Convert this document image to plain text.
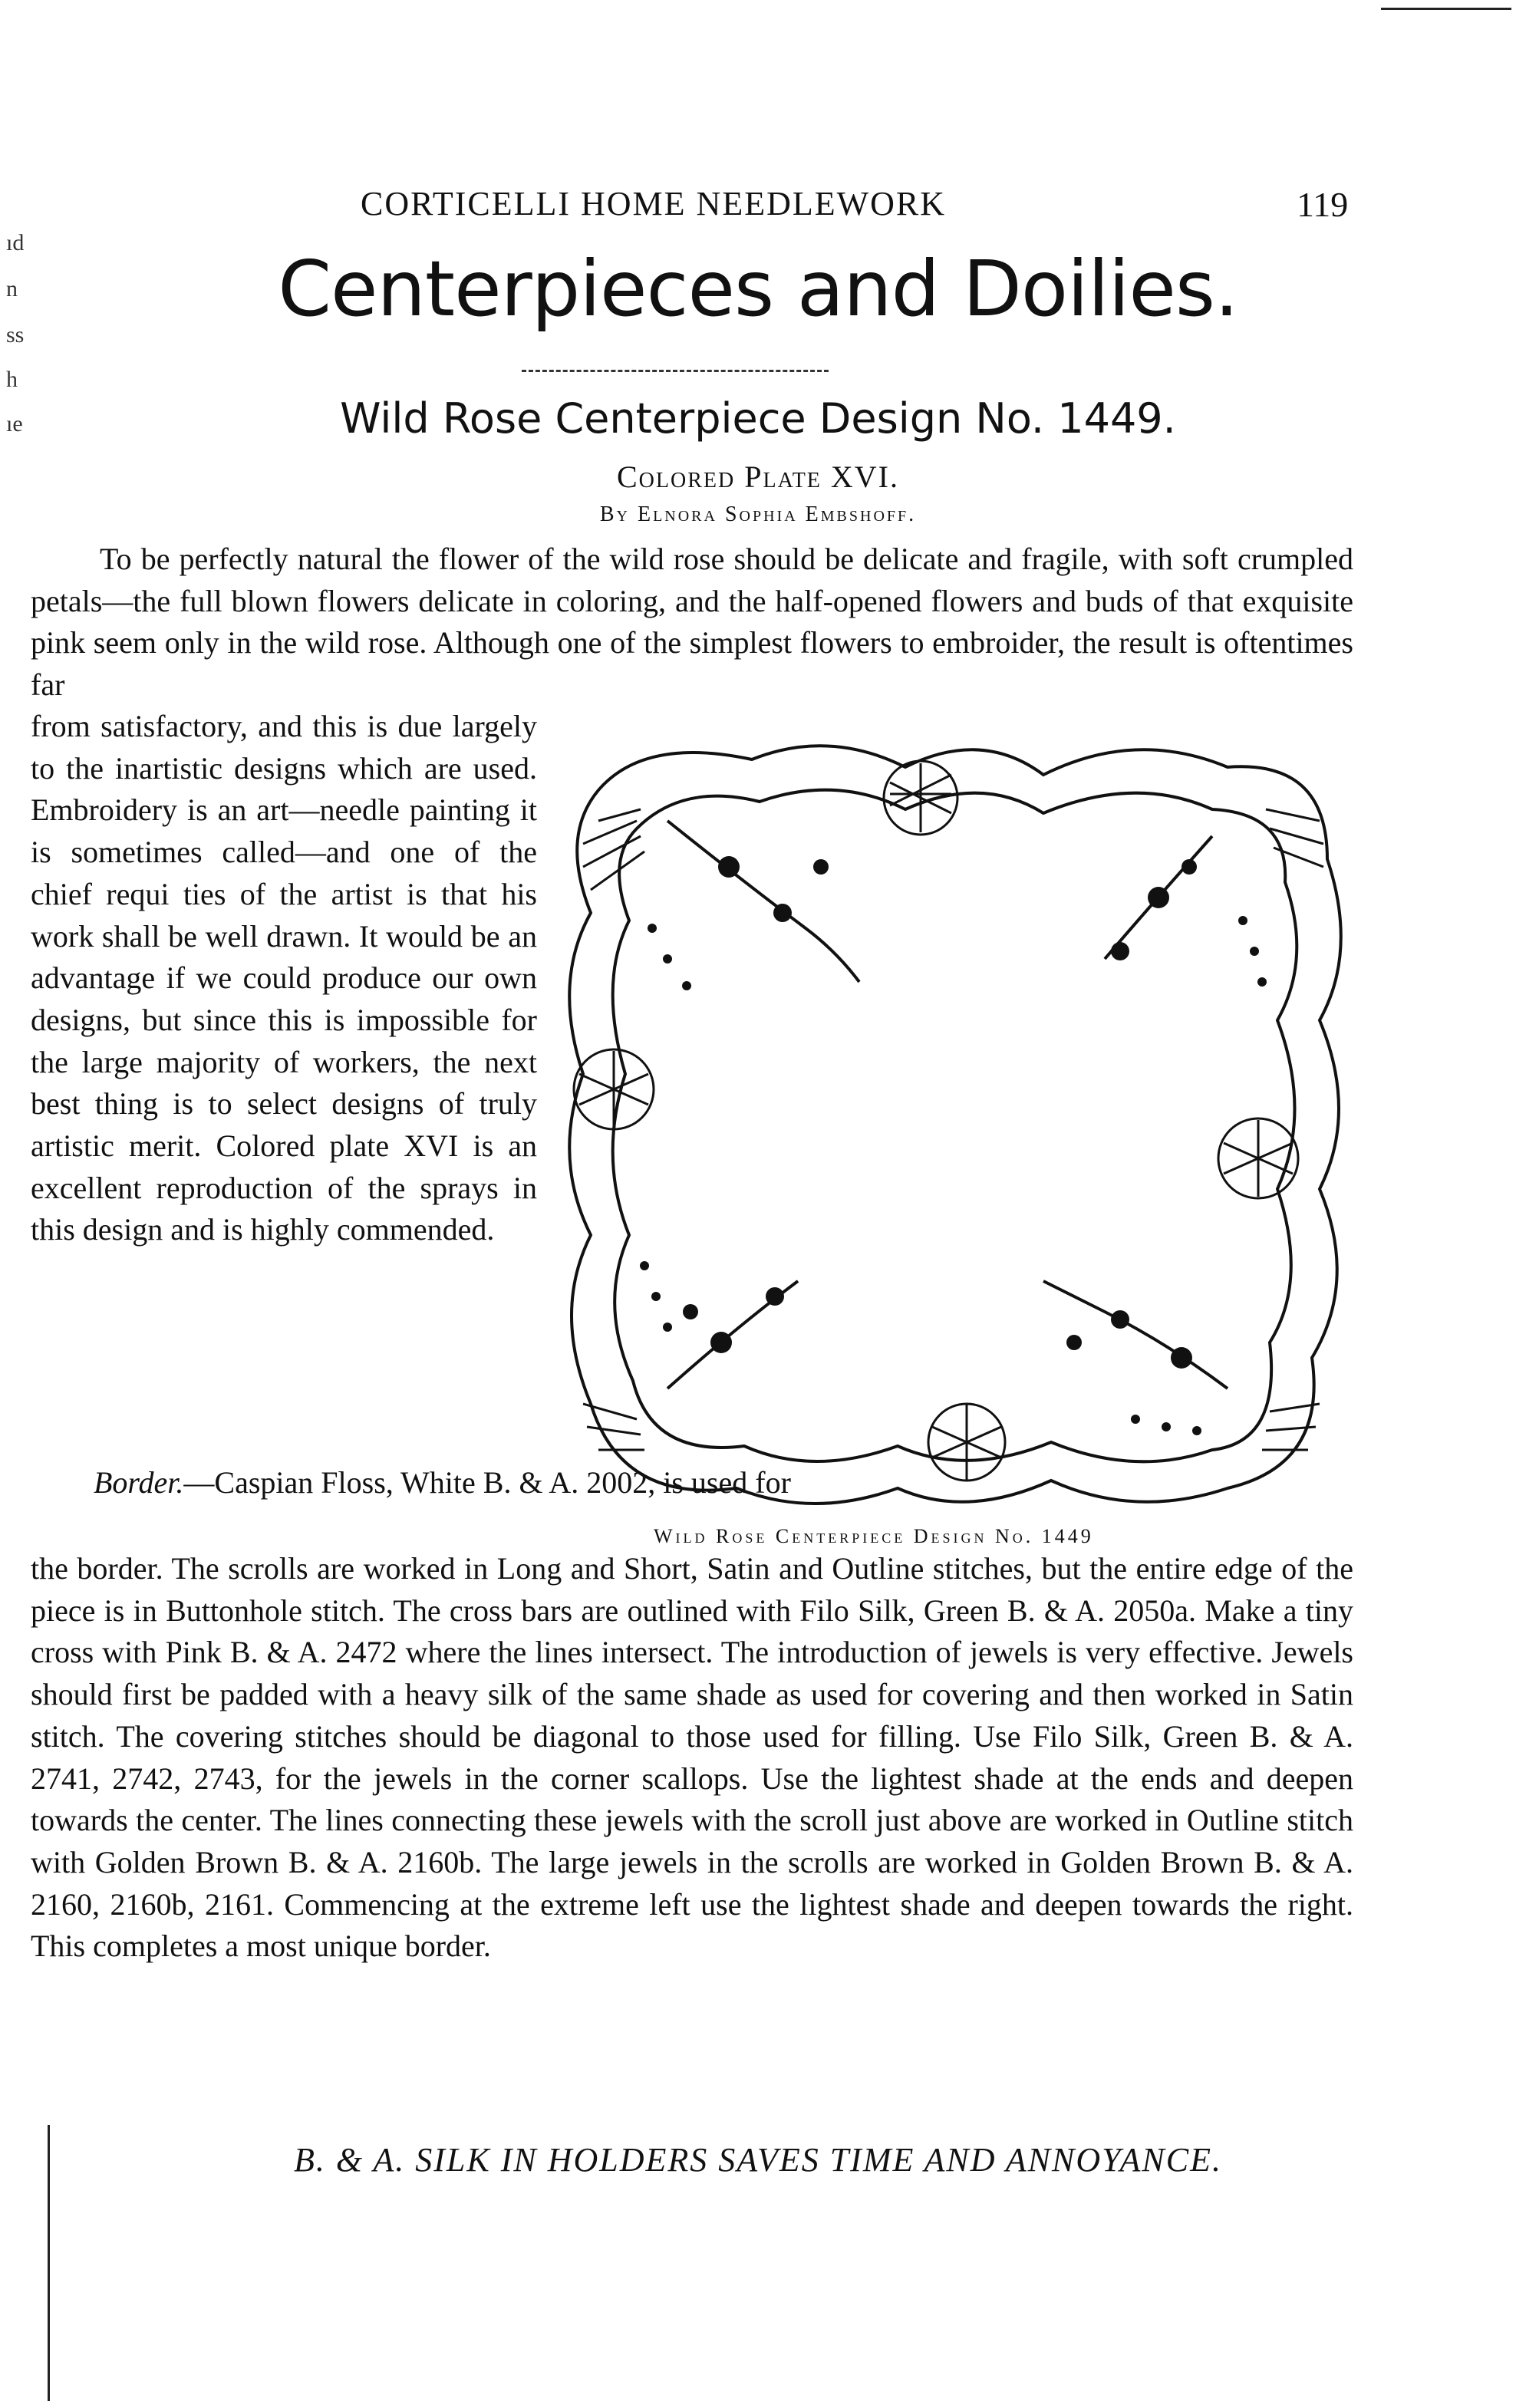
CORTICELLI HOME NEEDLEWORK	119
ıd
n
ss
h
ıe
Centerpieces and Doilies.
Wild Rose Centerpiece Design No. 1449.
Colored Plate XVI.
By Elnora Sophia Embshoff.
To be perfectly natural the flower of the wild rose should be delicate and fragile, with soft crumpled petals—the full blown flowers delicate in coloring, and the half-opened flowers and buds of that exquisite pink seem only in the wild rose. Although one of the simplest flowers to embroider, the result is oftentimes far
from satisfactory, and this is due largely to the inartistic designs which are used. Embroidery is an art—needle painting it is sometimes called—and one of the chief requi ties of the artist is that his work shall be well drawn. It would be an advantage if we could produce our own designs, but since this is impossible for the large majority of workers, the next best thing is to select designs of truly artistic merit. Colored plate XVI is an excellent reproduction of the sprays in this design and is highly commended.
Wild Rose Centerpiece Design No. 1449
Border.—Caspian Floss, White B. & A. 2002, is used for
the border. The scrolls are worked in Long and Short, Satin and Outline stitches, but the entire edge of the piece is in Buttonhole stitch. The cross bars are outlined with Filo Silk, Green B. & A. 2050a. Make a tiny cross with Pink B. & A. 2472 where the lines intersect. The introduction of jewels is very effective. Jewels should first be padded with a heavy silk of the same shade as used for covering and then worked in Satin stitch. The covering stitches should be diagonal to those used for filling. Use Filo Silk, Green B. & A. 2741, 2742, 2743, for the jewels in the corner scallops. Use the lightest shade at the ends and deepen towards the center. The lines connecting these jewels with the scroll just above are worked in Outline stitch with Golden Brown B. & A. 2160b. The large jewels in the scrolls are worked in Golden Brown B. & A. 2160, 2160b, 2161. Commencing at the extreme left use the lightest shade and deepen towards the right. This completes a most unique border.
B. & A. SILK IN HOLDERS SAVES TIME AND ANNOYANCE.
